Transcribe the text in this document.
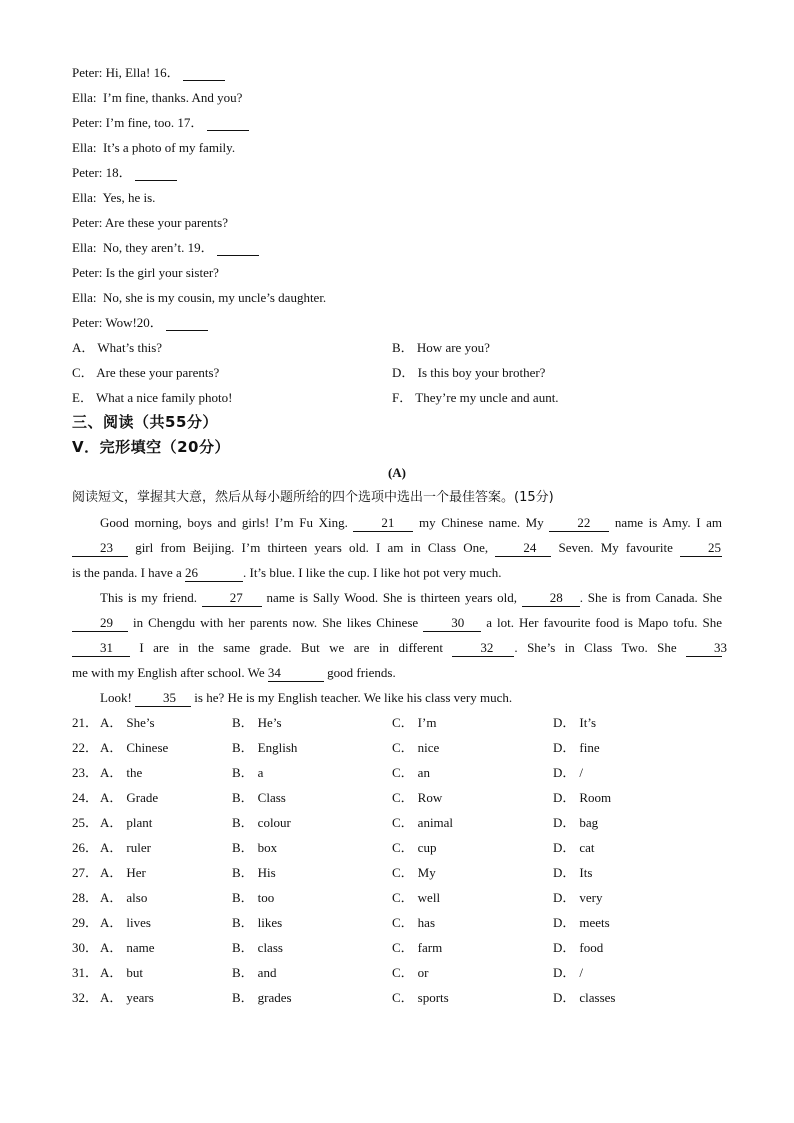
Peter: Hi, Ella! 16．
Ella: I’m fine, thanks. And you?
Peter: I’m fine, too. 17．
Ella: It’s a photo of my family.
Peter: 18．
Ella: Yes, he is.
Peter: Are these your parents?
Ella: No, they aren’t. 19．
Peter: Is the girl your sister?
Ella: No, she is my cousin, my uncle’s daughter.
Peter: Wow!20．
A． What’s this?	B． How are you?
C． Are these your parents?	D． Is this boy your brother?
E． What a nice family photo!	F． They’re my uncle and aunt.
三、阅读（共55分）
V．完形填空（20分）
(A)
阅读短文，掌握其大意，然后从每小题所给的四个选项中选出一个最佳答案。(15分)
Good morning, boys and girls! I’m Fu Xing.	21 my Chinese name. My	22 name is Amy. I am 23 girl from Beijing. I’m thirteen years old. I am in Class One,	24 Seven. My favourite	25
is the panda. I have a 26	. It’s blue. I like the cup. I like hot pot very much.
This is my friend.	27 name is Sally Wood. She is thirteen years old,	28 . She is from Canada. She 29 in Chengdu with her parents now. She likes Chinese	30 a lot. Her favourite food is Mapo tofu. She 31 I are in the same grade. But we are in different	32 . She’s in Class Two. She	33
me with my English after school. We 34	good friends.
Look! 35 is he? He is my English teacher. We like his class very much.
21． A． She’s	B． He’s	C． I’m	D． It’s
22． A． Chinese	B． English	C． nice	D． fine
23． A． the	B． a	C． an	D． /
24． A． Grade	B． Class	C． Row	D． Room
25． A． plant	B． colour	C． animal	D． bag
26． A． ruler	B． box	C． cup	D． cat
27． A． Her	B． His	C． My	D． Its
28． A． also	B． too	C． well	D． very
29． A． lives	B． likes	C． has	D． meets
30． A． name	B． class	C． farm	D． food
31． A． but	B． and	C． or	D． /
32． A． years	B． grades	C． sports	D． classes
